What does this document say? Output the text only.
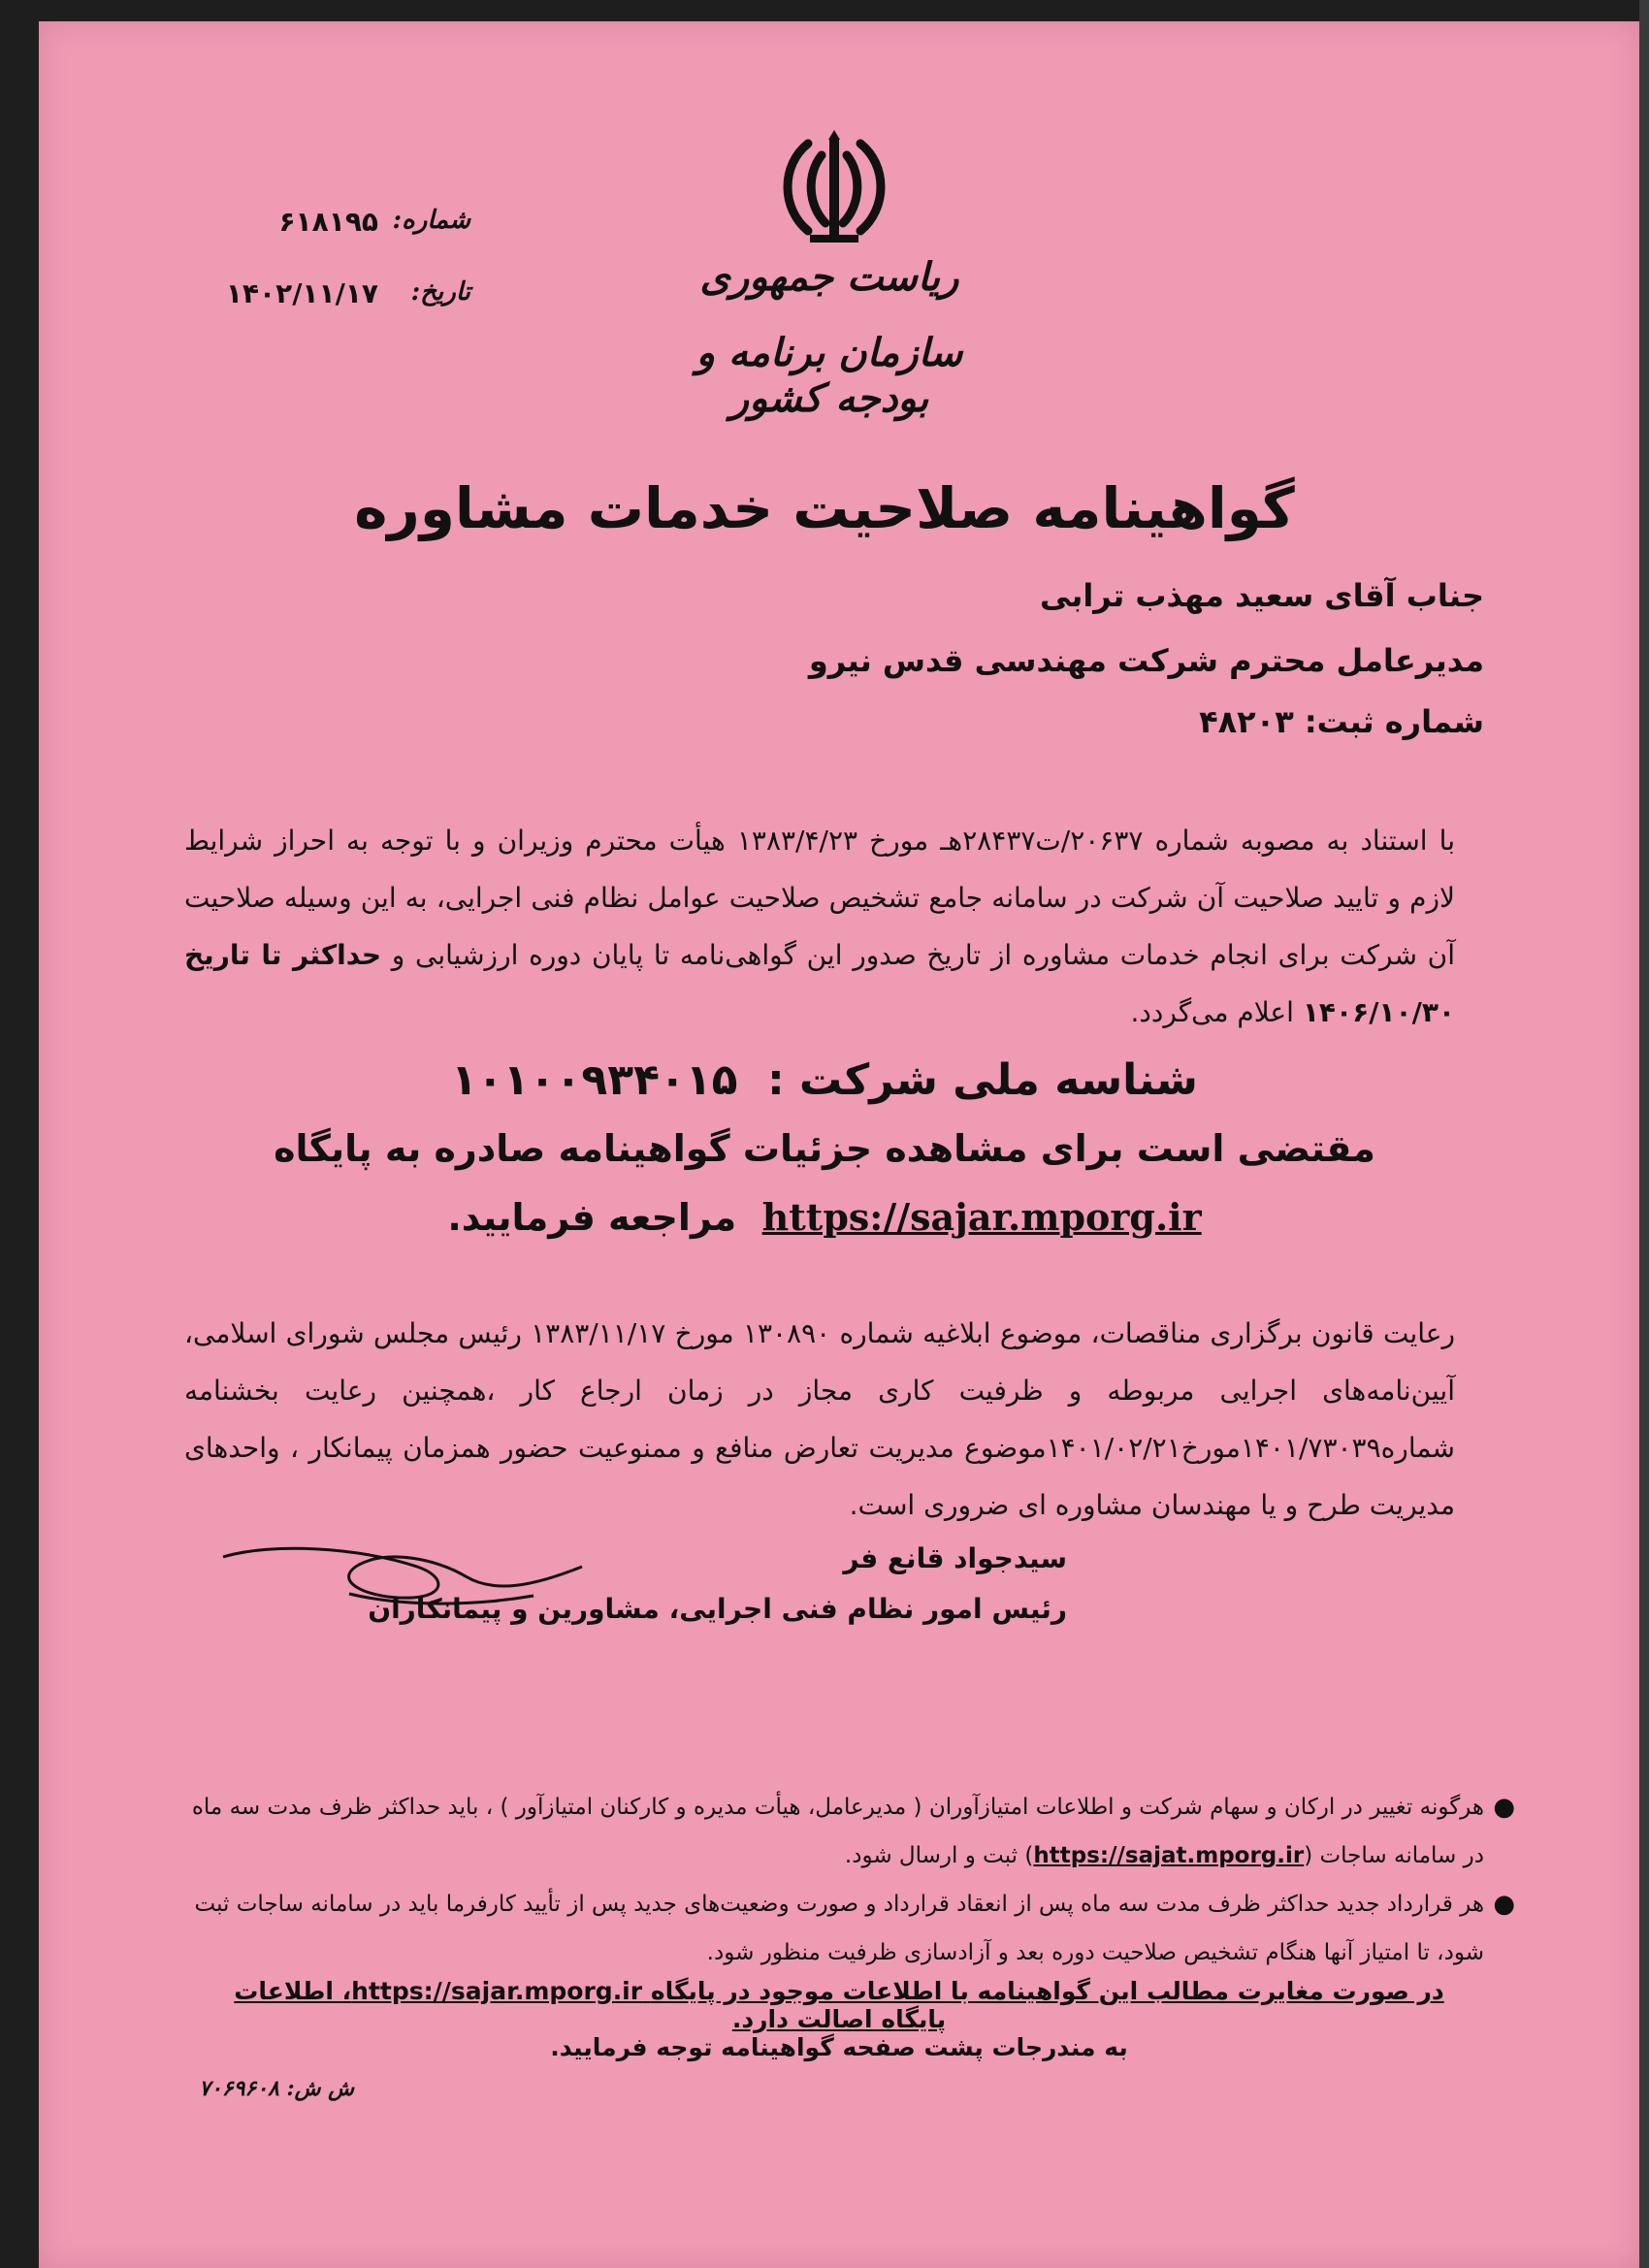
ریاست جمهوری
سازمان برنامه و بودجه کشور
شماره:
۶۱۸۱۹۵
تاریخ:
۱۴۰۲/۱۱/۱۷
گواهینامه صلاحیت خدمات مشاوره
جناب آقای سعید مهذب ترابی
مدیرعامل محترم شرکت مهندسی قدس نیرو
شماره ثبت: ۴۸۲۰۳
با استناد به مصوبه شماره ۲۰۶۳۷/ت۲۸۴۳۷هـ مورخ ۱۳۸۳/۴/۲۳ هیأت محترم وزیران و با توجه به احراز شرایط لازم و تایید صلاحیت آن شرکت در سامانه جامع تشخیص صلاحیت عوامل نظام فنی اجرایی، به این وسیله صلاحیت آن شرکت برای انجام خدمات مشاوره از تاریخ صدور این گواهی‌نامه تا پایان دوره ارزشیابی و حداکثر تا تاریخ ۱۴۰۶/۱۰/۳۰ اعلام می‌گردد.
شناسه ملی شرکت :  ۱۰۱۰۰۹۳۴۰۱۵
مقتضی است برای مشاهده جزئیات گواهینامه صادره به پایگاه
https://sajar.mporg.ir  مراجعه فرمایید.
رعایت قانون برگزاری مناقصات، موضوع ابلاغیه شماره ۱۳۰۸۹۰ مورخ ۱۳۸۳/۱۱/۱۷ رئیس مجلس شورای اسلامی، آیین‌نامه‌های اجرایی مربوطه و ظرفیت کاری مجاز در زمان ارجاع کار ،همچنین رعایت بخشنامه شماره۱۴۰۱/۷۳۰۳۹مورخ۱۴۰۱/۰۲/۲۱موضوع مدیریت تعارض منافع و ممنوعیت حضور همزمان پیمانکار ، واحدهای مدیریت طرح و یا مهندسان مشاوره ای ضروری است.
سیدجواد قانع فر
رئیس امور نظام فنی اجرایی، مشاورین و پیمانکاران
●
هرگونه تغییر در ارکان و سهام شرکت و اطلاعات امتیازآوران ( مدیرعامل، هیأت مدیره و کارکنان امتیازآور ) ، باید حداکثر ظرف مدت سه ماه در سامانه ساجات (https://sajat.mporg.ir) ثبت و ارسال شود.
●
هر قرارداد جدید حداکثر ظرف مدت سه ماه پس از انعقاد قرارداد و صورت وضعیت‌های جدید پس از تأیید کارفرما باید در سامانه ساجات ثبت شود، تا امتیاز آنها هنگام تشخیص صلاحیت دوره بعد و آزادسازی ظرفیت منظور شود.
در صورت مغایرت مطالب این گواهینامه با اطلاعات موجود در پایگاه https://sajar.mporg.ir، اطلاعات پایگاه اصالت دارد.
به مندرجات پشت صفحه گواهینامه توجه فرمایید.
ش ش: ۷۰۶۹۶۰۸
